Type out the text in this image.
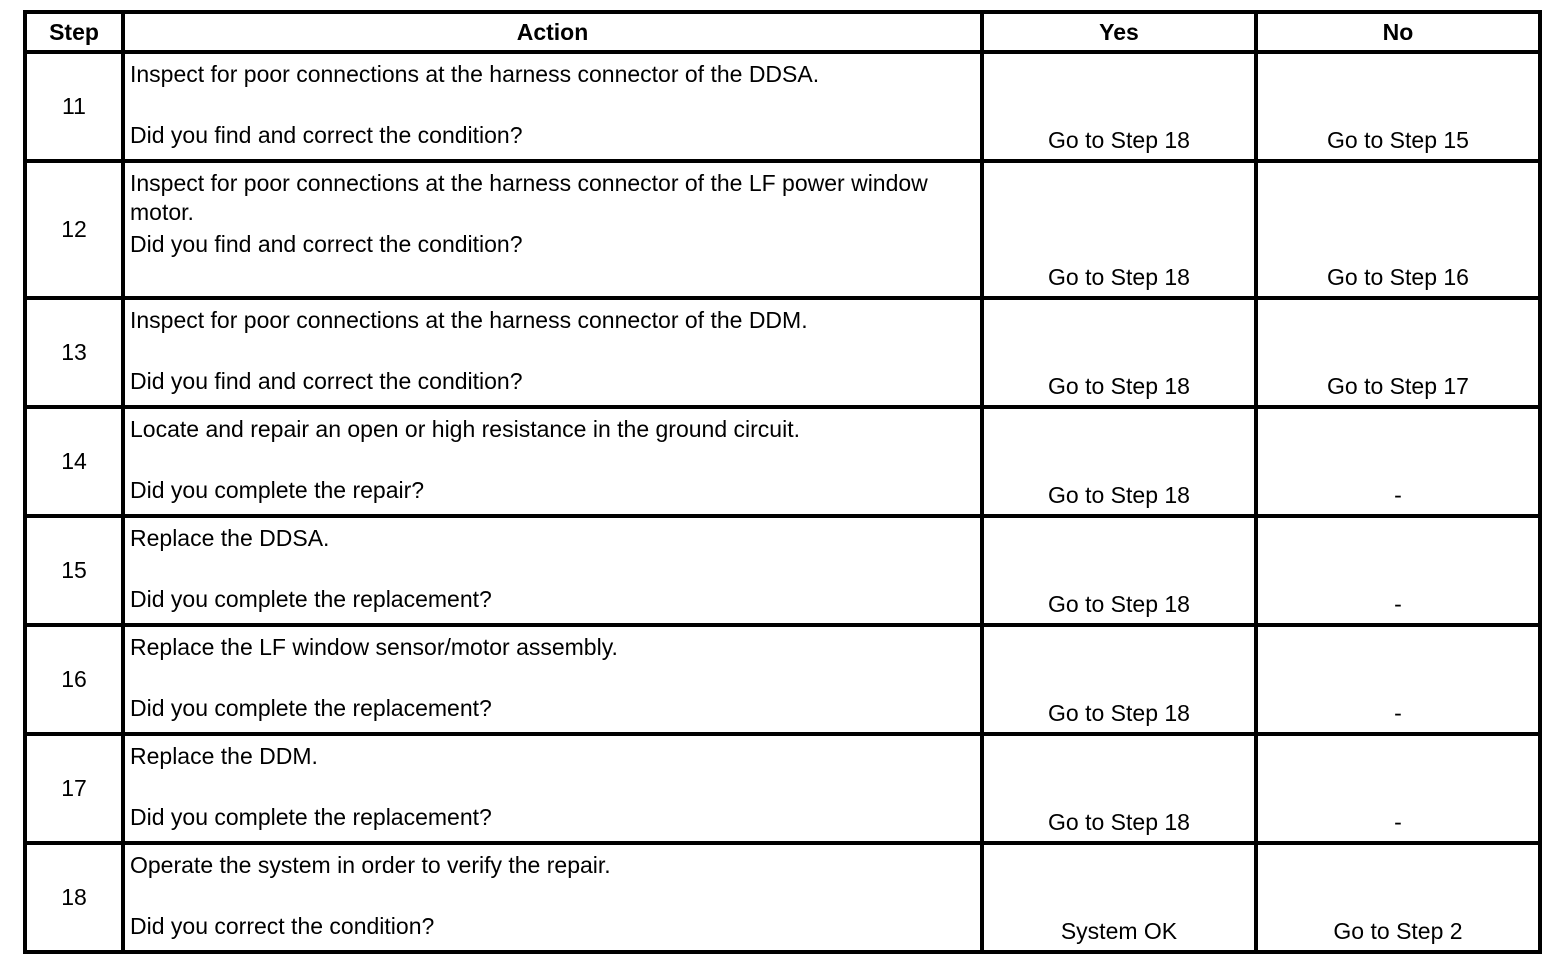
Step	Action	Yes	No
11	Inspect for poor connections at the harness connector of the DDSA.
Did you find and correct the condition?	Go to Step 18	Go to Step 15
12	Inspect for poor connections at the harness connector of the LF power window motor.
Did you find and correct the condition?	Go to Step 18	Go to Step 16
13	Inspect for poor connections at the harness connector of the DDM.
Did you find and correct the condition?	Go to Step 18	Go to Step 17
14	Locate and repair an open or high resistance in the ground circuit.
Did you complete the repair?	Go to Step 18	-
15	Replace the DDSA.
Did you complete the replacement?	Go to Step 18	-
16	Replace the LF window sensor/motor assembly.
Did you complete the replacement?	Go to Step 18	-
17	Replace the DDM.
Did you complete the replacement?	Go to Step 18	-
18	Operate the system in order to verify the repair.
Did you correct the condition?	System OK	Go to Step 2
